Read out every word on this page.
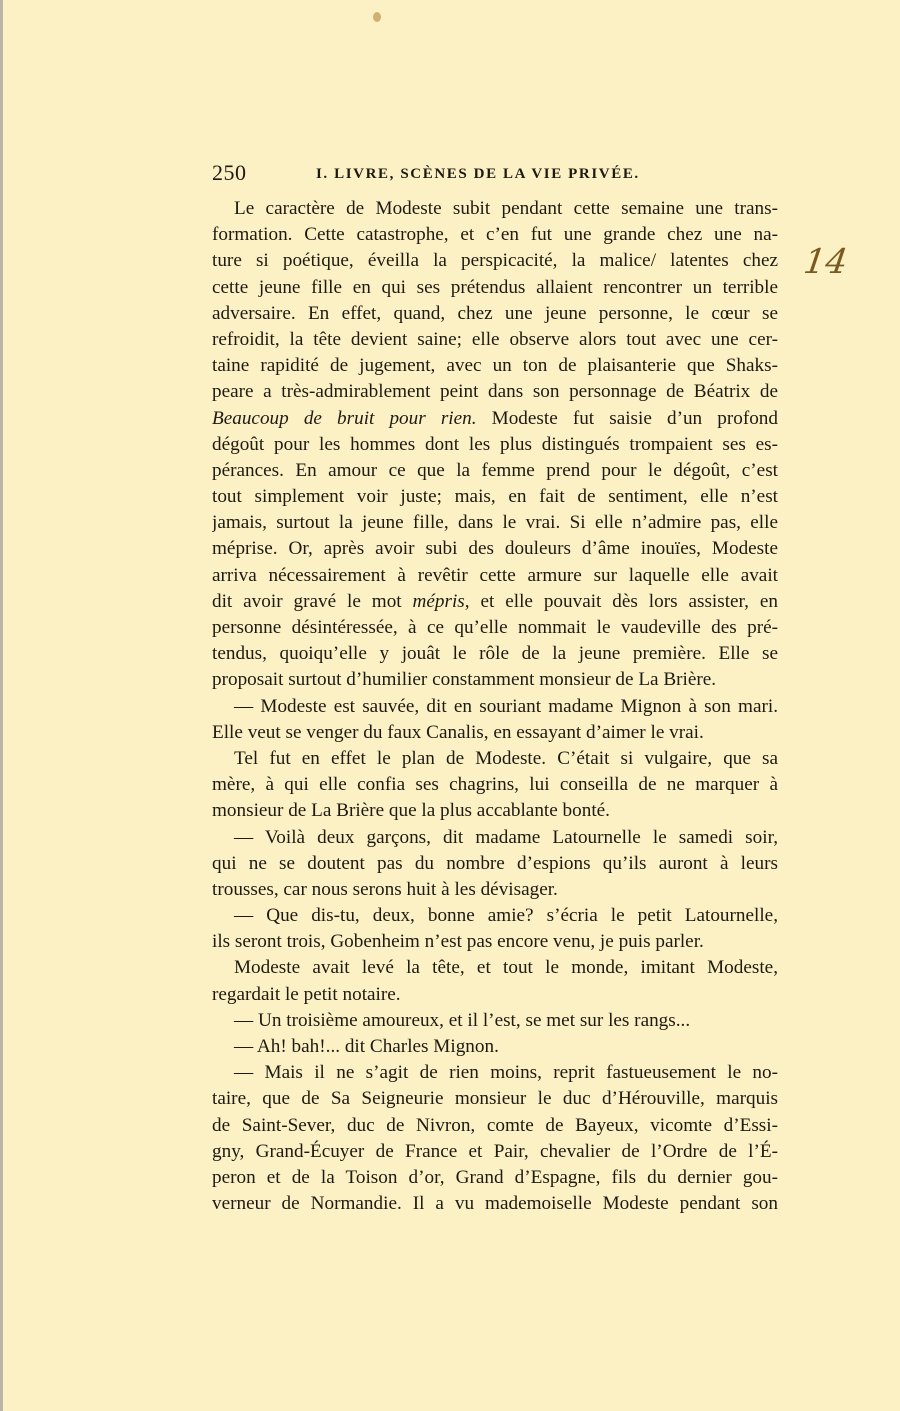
250	I. LIVRE, SCÈNES DE LA VIE PRIVÉE.
14
Le caractère de Modeste subit pendant cette semaine une trans-
formation. Cette catastrophe, et c’en fut une grande chez une na-
ture si poétique, éveilla la perspicacité, la malice/ latentes chez
cette jeune fille en qui ses prétendus allaient rencontrer un terrible
adversaire. En effet, quand, chez une jeune personne, le cœur se
refroidit, la tête devient saine; elle observe alors tout avec une cer-
taine rapidité de jugement, avec un ton de plaisanterie que Shaks-
peare a très-admirablement peint dans son personnage de Béatrix de
Beaucoup de bruit pour rien. Modeste fut saisie d’un profond
dégoût pour les hommes dont les plus distingués trompaient ses es-
pérances. En amour ce que la femme prend pour le dégoût, c’est
tout simplement voir juste; mais, en fait de sentiment, elle n’est
jamais, surtout la jeune fille, dans le vrai. Si elle n’admire pas, elle
méprise. Or, après avoir subi des douleurs d’âme inouïes, Modeste
arriva nécessairement à revêtir cette armure sur laquelle elle avait
dit avoir gravé le mot mépris, et elle pouvait dès lors assister, en
personne désintéressée, à ce qu’elle nommait le vaudeville des pré-
tendus, quoiqu’elle y jouât le rôle de la jeune première. Elle se
proposait surtout d’humilier constamment monsieur de La Brière.
— Modeste est sauvée, dit en souriant madame Mignon à son mari.
Elle veut se venger du faux Canalis, en essayant d’aimer le vrai.
Tel fut en effet le plan de Modeste. C’était si vulgaire, que sa
mère, à qui elle confia ses chagrins, lui conseilla de ne marquer à
monsieur de La Brière que la plus accablante bonté.
— Voilà deux garçons, dit madame Latournelle le samedi soir,
qui ne se doutent pas du nombre d’espions qu’ils auront à leurs
trousses, car nous serons huit à les dévisager.
— Que dis-tu, deux, bonne amie? s’écria le petit Latournelle,
ils seront trois, Gobenheim n’est pas encore venu, je puis parler.
Modeste avait levé la tête, et tout le monde, imitant Modeste,
regardait le petit notaire.
— Un troisième amoureux, et il l’est, se met sur les rangs...
— Ah! bah!... dit Charles Mignon.
— Mais il ne s’agit de rien moins, reprit fastueusement le no-
taire, que de Sa Seigneurie monsieur le duc d’Hérouville, marquis
de Saint-Sever, duc de Nivron, comte de Bayeux, vicomte d’Essi-
gny, Grand-Écuyer de France et Pair, chevalier de l’Ordre de l’É-
peron et de la Toison d’or, Grand d’Espagne, fils du dernier gou-
verneur de Normandie. Il a vu mademoiselle Modeste pendant son
